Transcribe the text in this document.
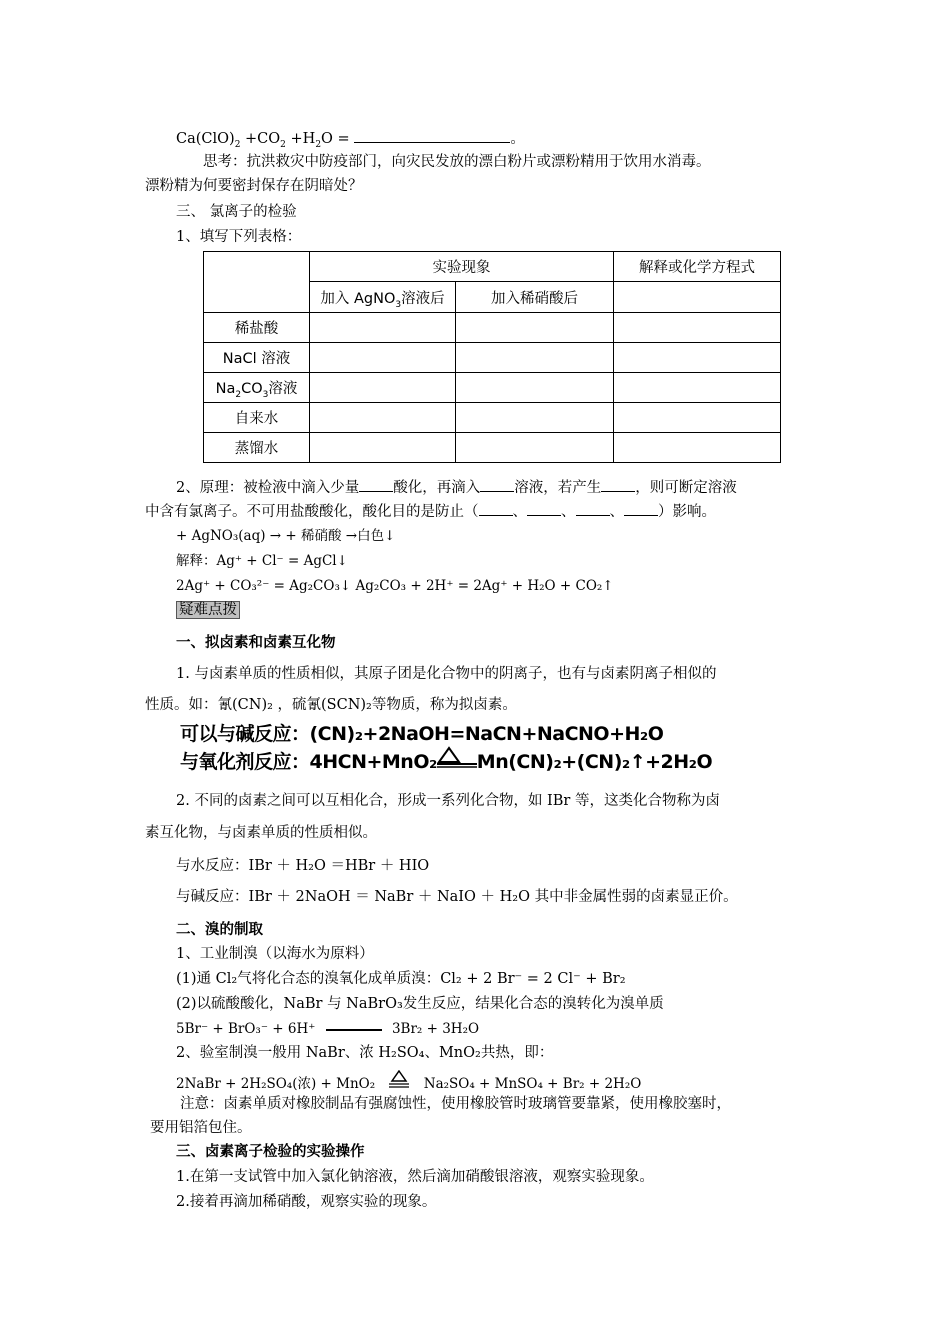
$Ca(ClO)_2 +CO_2 +H_2O$ =	。
思考：抗洪救灾中防疫部门，向灾民发放的漂白粉片或漂粉精用于饮用水消毒。
漂粉精为何要密封保存在阴暗处？
三、 氯离子的检验
1、填写下列表格：
	实验现象		解释或化学方程式
	加入 AgNO$_3$溶液后	加入稀硝酸后	
稀盐酸			
NaCl 溶液			
$Na_2CO_3$溶液			
自来水			
蒸馏水			
2、原理：被检液中滴入少量 酸化，再滴入 溶液，若产生 ，则可断定溶液
中含有氯离子。不可用盐酸酸化，酸化目的是防止（ 、 、 、 ）影响。
+ AgNO₃(aq) → + 稀硝酸 →白色↓
解释：Ag⁺ + Cl⁻ = AgCl↓
2Ag⁺ + CO₃²⁻ = Ag₂CO₃↓ Ag₂CO₃ + 2H⁺ = 2Ag⁺ + H₂O + CO₂↑
疑难点拨
一、拟卤素和卤素互化物
1. 与卤素单质的性质相似，其原子团是化合物中的阴离子，也有与卤素阴离子相似的
性质。如：氰(CN)₂ ，硫氰(SCN)₂等物质，称为拟卤素。
可以与碱反应：(CN)₂+2NaOH=NaCN+NaCNO+H₂O
与氧化剂反应：4HCN+MnO₂ Mn(CN)₂+(CN)₂↑+2H₂O
2. 不同的卤素之间可以互相化合，形成一系列化合物，如 IBr 等，这类化合物称为卤
素互化物，与卤素单质的性质相似。
与水反应：IBr ＋ H₂O ＝HBr ＋ HIO
与碱反应：IBr ＋ 2NaOH ＝ NaBr ＋ NaIO ＋ H₂O 其中非金属性弱的卤素显正价。
二、溴的制取
1、工业制溴（以海水为原料）
(1)通 Cl₂气将化合态的溴氧化成单质溴：Cl₂ + 2 Br⁻ = 2 Cl⁻ + Br₂
(2)以硫酸酸化，NaBr 与 NaBrO₃发生反应，结果化合态的溴转化为溴单质
5Br⁻ + BrO₃⁻ + 6H⁺	3Br₂ + 3H₂O
2、验室制溴一般用 NaBr、浓 H₂SO₄、MnO₂共热，即：
2NaBr + 2H₂SO₄(浓) + MnO₂	Na₂SO₄ + MnSO₄ + Br₂ + 2H₂O
注意：卤素单质对橡胶制品有强腐蚀性，使用橡胶管时玻璃管要靠紧，使用橡胶塞时，
要用铝箔包住。
三、卤素离子检验的实验操作
1.在第一支试管中加入氯化钠溶液，然后滴加硝酸银溶液，观察实验现象。
2.接着再滴加稀硝酸，观察实验的现象。
